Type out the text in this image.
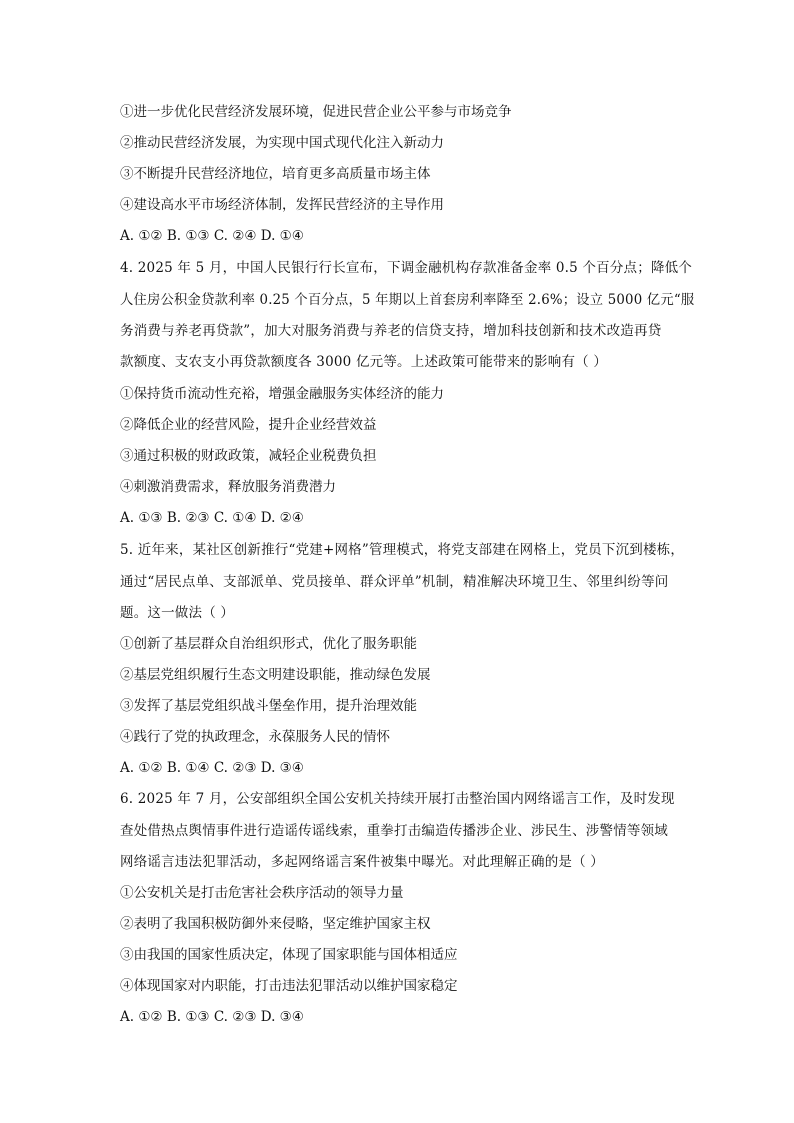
①进一步优化民营经济发展环境，促进民营企业公平参与市场竞争
②推动民营经济发展，为实现中国式现代化注入新动力
③不断提升民营经济地位，培育更多高质量市场主体
④建设高水平市场经济体制，发挥民营经济的主导作用
A. ①② B. ①③ C. ②④ D. ①④
4. 2025 年 5 月，中国人民银行行长宣布，下调金融机构存款准备金率 0.5 个百分点；降低个
人住房公积金贷款利率 0.25 个百分点，5 年期以上首套房利率降至 2.6%；设立 5000 亿元“服
务消费与养老再贷款”，加大对服务消费与养老的信贷支持，增加科技创新和技术改造再贷
款额度、支农支小再贷款额度各 3000 亿元等。上述政策可能带来的影响有（ ）
①保持货币流动性充裕，增强金融服务实体经济的能力
②降低企业的经营风险，提升企业经营效益
③通过积极的财政政策，减轻企业税费负担
④刺激消费需求，释放服务消费潜力
A. ①③ B. ②③ C. ①④ D. ②④
5. 近年来，某社区创新推行“党建+网格”管理模式，将党支部建在网格上，党员下沉到楼栋，
通过“居民点单、支部派单、党员接单、群众评单”机制，精准解决环境卫生、邻里纠纷等问
题。这一做法（ ）
①创新了基层群众自治组织形式，优化了服务职能
②基层党组织履行生态文明建设职能，推动绿色发展
③发挥了基层党组织战斗堡垒作用，提升治理效能
④践行了党的执政理念，永葆服务人民的情怀
A. ①② B. ①④ C. ②③ D. ③④
6. 2025 年 7 月，公安部组织全国公安机关持续开展打击整治国内网络谣言工作，及时发现
查处借热点舆情事件进行造谣传谣线索，重拳打击编造传播涉企业、涉民生、涉警情等领域
网络谣言违法犯罪活动，多起网络谣言案件被集中曝光。对此理解正确的是（ ）
①公安机关是打击危害社会秩序活动的领导力量
②表明了我国积极防御外来侵略，坚定维护国家主权
③由我国的国家性质决定，体现了国家职能与国体相适应
④体现国家对内职能，打击违法犯罪活动以维护国家稳定
A. ①② B. ①③ C. ②③ D. ③④
